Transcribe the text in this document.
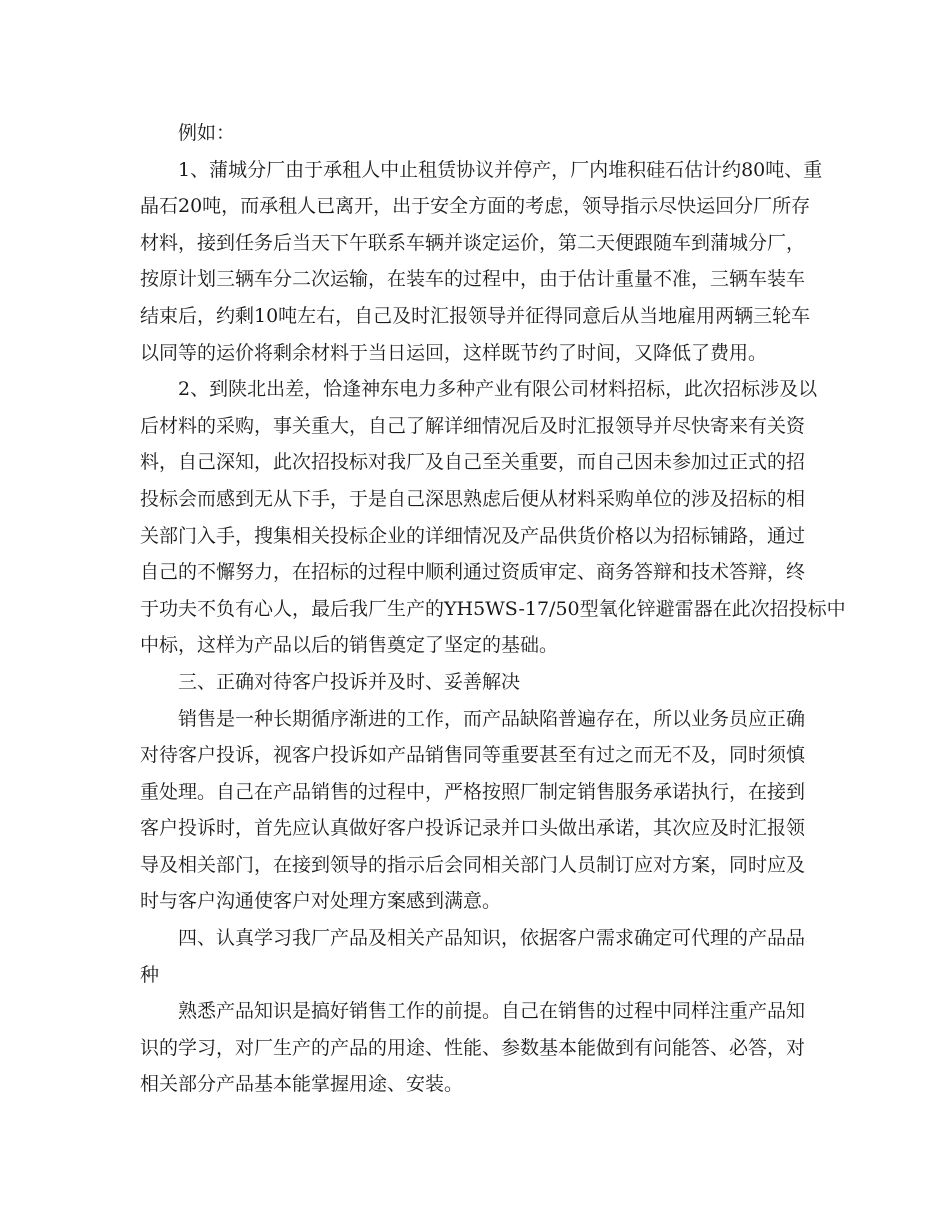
例如：
1、蒲城分厂由于承租人中止租赁协议并停产，厂内堆积硅石估计约80吨、重
晶石20吨，而承租人已离开，出于安全方面的考虑，领导指示尽快运回分厂所存
材料，接到任务后当天下午联系车辆并谈定运价，第二天便跟随车到蒲城分厂，
按原计划三辆车分二次运输，在装车的过程中，由于估计重量不准，三辆车装车
结束后，约剩10吨左右，自己及时汇报领导并征得同意后从当地雇用两辆三轮车
以同等的运价将剩余材料于当日运回，这样既节约了时间，又降低了费用。
2、到陕北出差，恰逢神东电力多种产业有限公司材料招标，此次招标涉及以
后材料的采购，事关重大，自己了解详细情况后及时汇报领导并尽快寄来有关资
料，自己深知，此次招投标对我厂及自己至关重要，而自己因未参加过正式的招
投标会而感到无从下手，于是自己深思熟虑后便从材料采购单位的涉及招标的相
关部门入手，搜集相关投标企业的详细情况及产品供货价格以为招标铺路，通过
自己的不懈努力，在招标的过程中顺利通过资质审定、商务答辩和技术答辩，终
于功夫不负有心人，最后我厂生产的YH5WS-17/50型氧化锌避雷器在此次招投标中
中标，这样为产品以后的销售奠定了坚定的基础。
三、正确对待客户投诉并及时、妥善解决
销售是一种长期循序渐进的工作，而产品缺陷普遍存在，所以业务员应正确
对待客户投诉，视客户投诉如产品销售同等重要甚至有过之而无不及，同时须慎
重处理。自己在产品销售的过程中，严格按照厂制定销售服务承诺执行，在接到
客户投诉时，首先应认真做好客户投诉记录并口头做出承诺，其次应及时汇报领
导及相关部门，在接到领导的指示后会同相关部门人员制订应对方案，同时应及
时与客户沟通使客户对处理方案感到满意。
四、认真学习我厂产品及相关产品知识，依据客户需求确定可代理的产品品
种
熟悉产品知识是搞好销售工作的前提。自己在销售的过程中同样注重产品知
识的学习，对厂生产的产品的用途、性能、参数基本能做到有问能答、必答，对
相关部分产品基本能掌握用途、安装。
